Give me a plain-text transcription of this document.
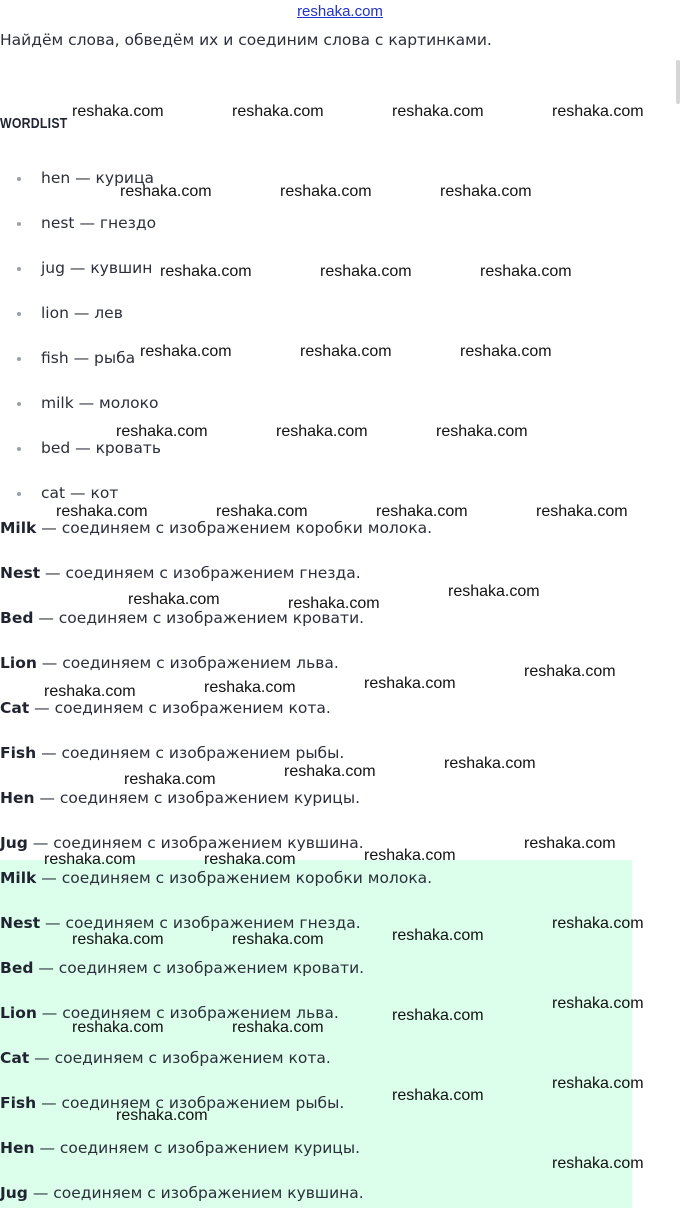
reshaka.com
Найдём слова, обведём их и соединим слова с картинками.
WORDLIST
hen — курица
nest — гнездо
jug — кувшин
lion — лев
fish — рыба
milk — молоко
bed — кровать
cat — кот
Milk — соединяем с изображением коробки молока.
Nest — соединяем с изображением гнезда.
Bed — соединяем с изображением кровати.
Lion — соединяем с изображением льва.
Cat — соединяем с изображением кота.
Fish — соединяем с изображением рыбы.
Hen — соединяем с изображением курицы.
Jug — соединяем с изображением кувшина.
Milk — соединяем с изображением коробки молока.
Nest — соединяем с изображением гнезда.
Bed — соединяем с изображением кровати.
Lion — соединяем с изображением льва.
Cat — соединяем с изображением кота.
Fish — соединяем с изображением рыбы.
Hen — соединяем с изображением курицы.
Jug — соединяем с изображением кувшина.
reshaka.com	reshaka.com	reshaka.com	reshaka.com
reshaka.com	reshaka.com	reshaka.com
reshaka.com	reshaka.com	reshaka.com
reshaka.com	reshaka.com	reshaka.com
reshaka.com	reshaka.com	reshaka.com
reshaka.com	reshaka.com	reshaka.com	reshaka.com
reshaka.com	reshaka.com
reshaka.com
reshaka.com
reshaka.com	reshaka.com	reshaka.com
reshaka.com	reshaka.com	reshaka.com
reshaka.com
reshaka.com	reshaka.com	reshaka.com
reshaka.com
reshaka.com	reshaka.com	reshaka.com
reshaka.com
reshaka.com	reshaka.com
reshaka.com
reshaka.com
reshaka.com
reshaka.com
reshaka.com
